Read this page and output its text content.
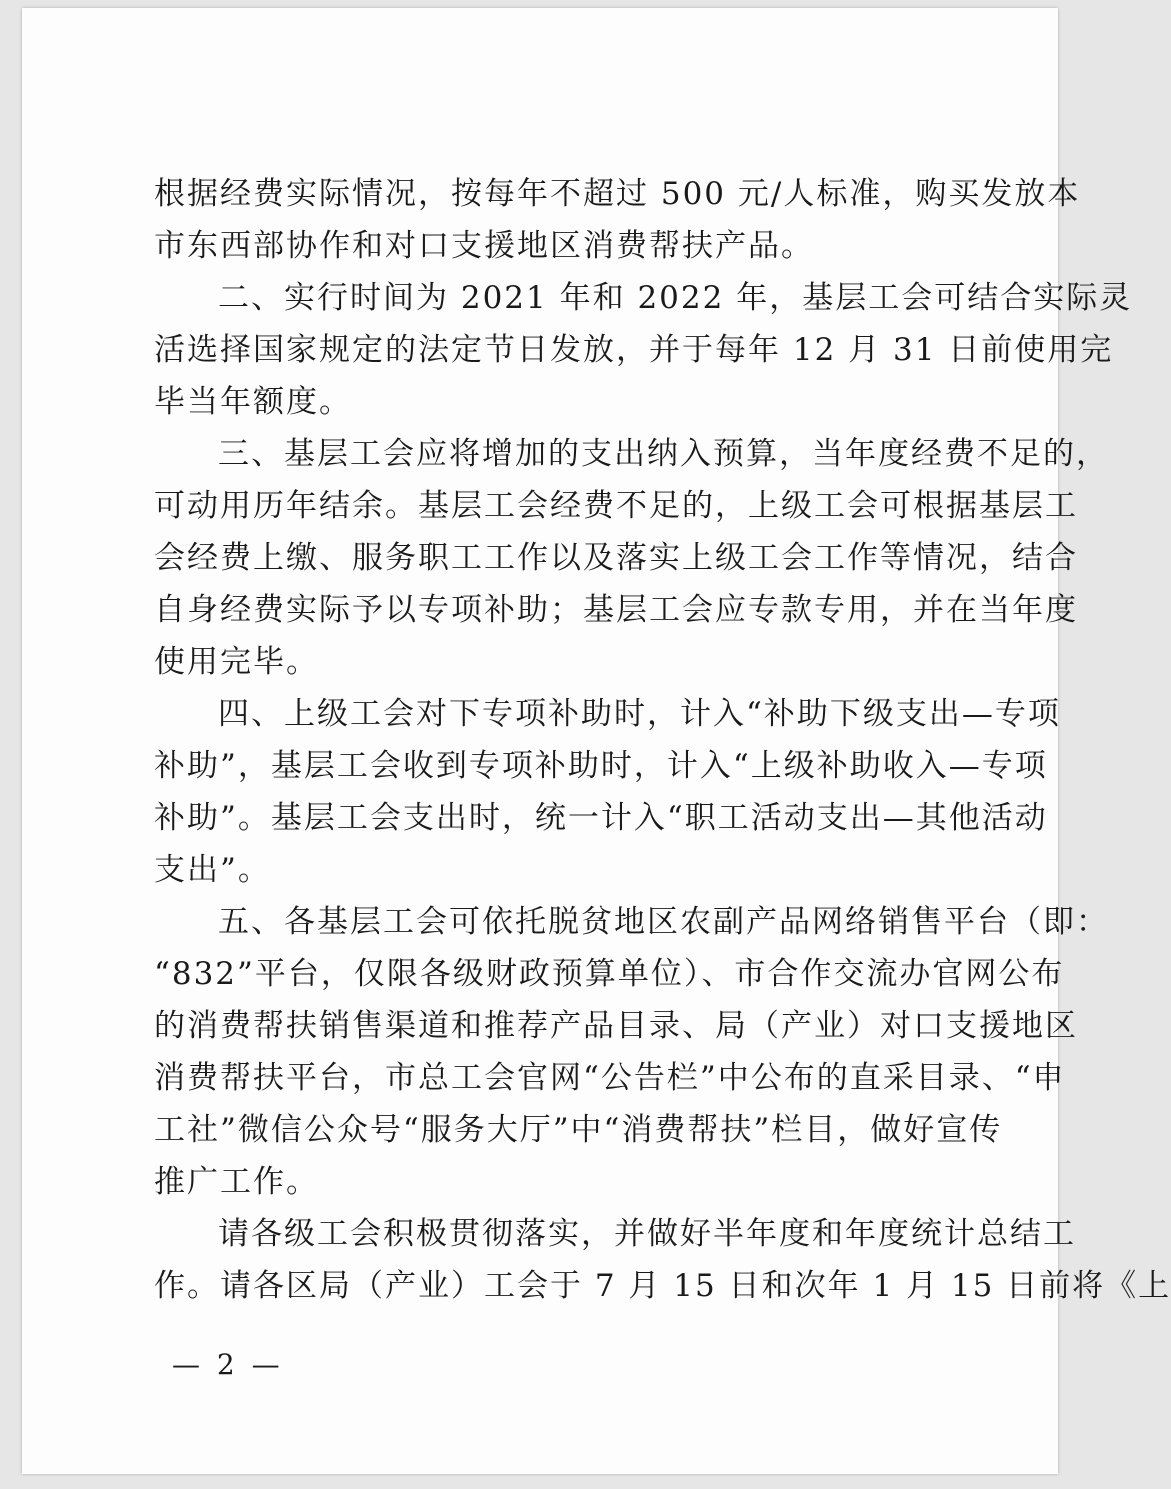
根据经费实际情况，按每年不超过 500 元/人标准，购买发放本
市东西部协作和对口支援地区消费帮扶产品。
二、实行时间为 2021 年和 2022 年，基层工会可结合实际灵
活选择国家规定的法定节日发放，并于每年 12 月 31 日前使用完
毕当年额度。
三、基层工会应将增加的支出纳入预算，当年度经费不足的，
可动用历年结余。基层工会经费不足的，上级工会可根据基层工
会经费上缴、服务职工工作以及落实上级工会工作等情况，结合
自身经费实际予以专项补助；基层工会应专款专用，并在当年度
使用完毕。
四、上级工会对下专项补助时，计入“补助下级支出—专项
补助”，基层工会收到专项补助时，计入“上级补助收入—专项
补助”。基层工会支出时，统一计入“职工活动支出—其他活动
支出”。
五、各基层工会可依托脱贫地区农副产品网络销售平台（即：
“832”平台，仅限各级财政预算单位）、市合作交流办官网公布
的消费帮扶销售渠道和推荐产品目录、局（产业）对口支援地区
消费帮扶平台，市总工会官网“公告栏”中公布的直采目录、“申
工社”微信公众号“服务大厅”中“消费帮扶”栏目，做好宣传
推广工作。
请各级工会积极贯彻落实，并做好半年度和年度统计总结工
作。请各区局（产业）工会于 7 月 15 日和次年 1 月 15 日前将《上
— 2 —
